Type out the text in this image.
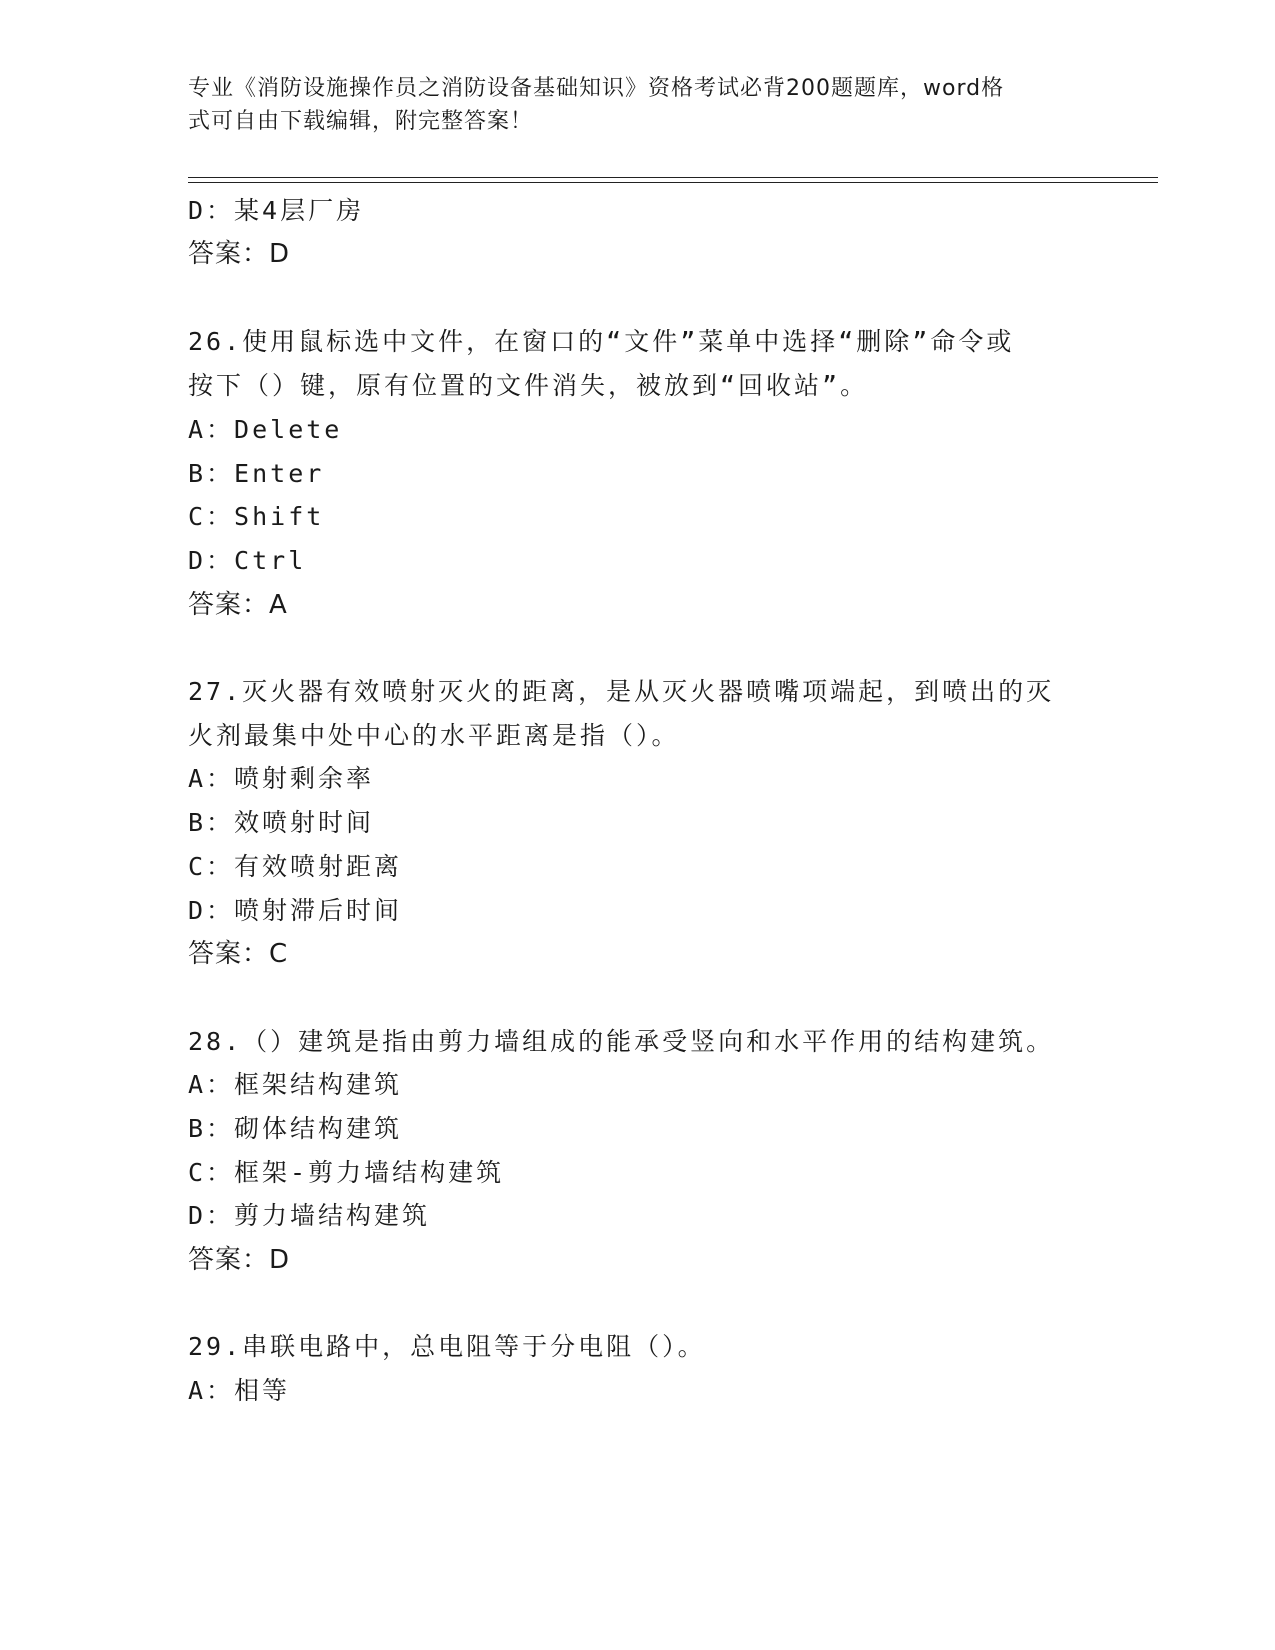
专业《消防设施操作员之消防设备基础知识》资格考试必背200题题库，word格
式可自由下载编辑，附完整答案！
D：某4层厂房
答案：D
26.使用鼠标选中文件，在窗口的“文件”菜单中选择“删除”命令或
按下（）键，原有位置的文件消失，被放到“回收站”。
A：Delete
B：Enter
C：Shift
D：Ctrl
答案：A
27.灭火器有效喷射灭火的距离，是从灭火器喷嘴项端起，到喷出的灭
火剂最集中处中心的水平距离是指（）。
A：喷射剩余率
B：效喷射时间
C：有效喷射距离
D：喷射滞后时间
答案：C
28.（）建筑是指由剪力墙组成的能承受竖向和水平作用的结构建筑。
A：框架结构建筑
B：砌体结构建筑
C：框架-剪力墙结构建筑
D：剪力墙结构建筑
答案：D
29.串联电路中，总电阻等于分电阻（）。
A：相等
